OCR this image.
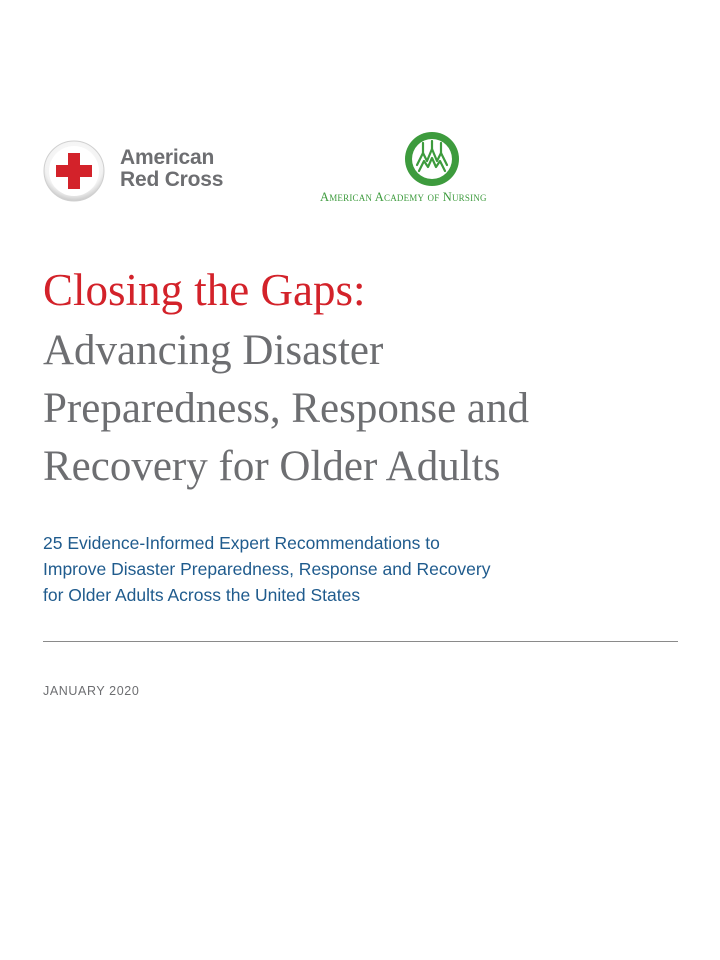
American
Red Cross
American Academy of Nursing
Closing the Gaps:
Advancing Disaster
Preparedness, Response and
Recovery for Older Adults

25 Evidence-Informed Expert Recommendations to
Improve Disaster Preparedness, Response and Recovery
for Older Adults Across the United States

JANUARY 2020
